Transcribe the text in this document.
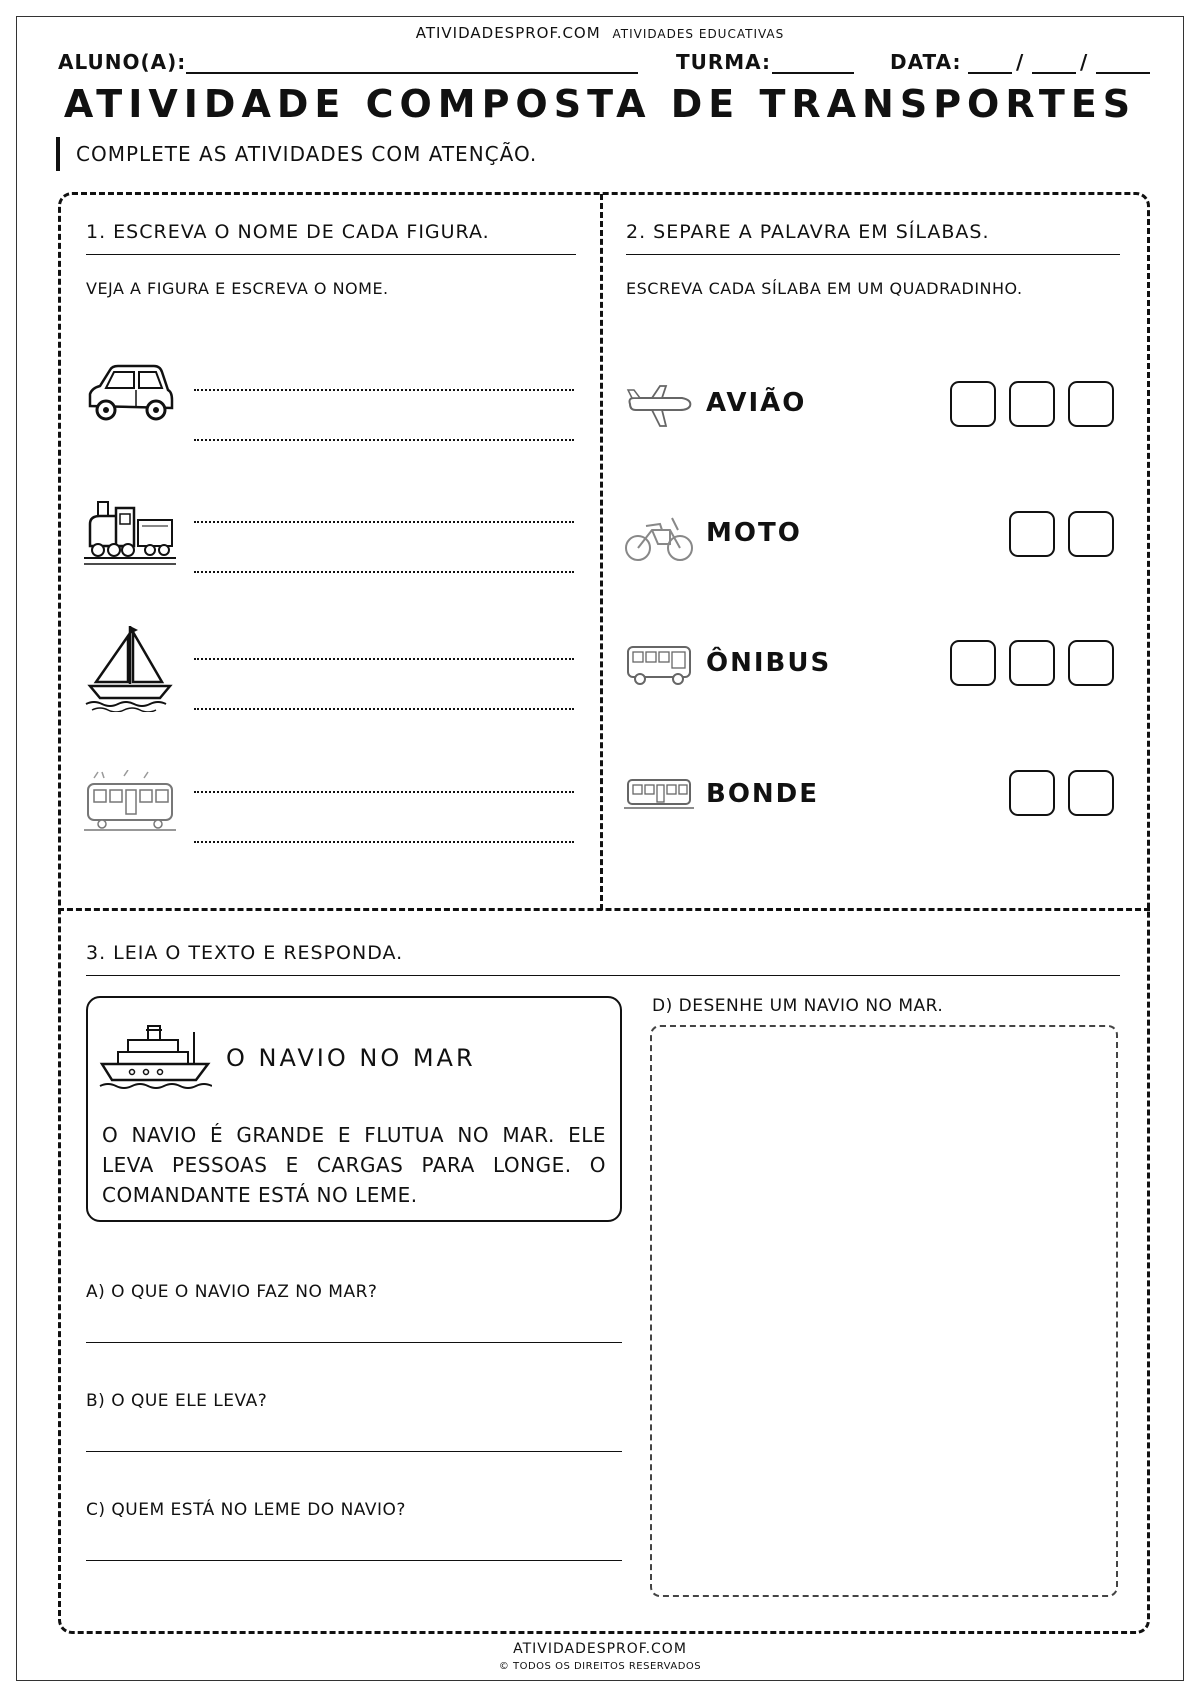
ATIVIDADESPROF.COM ATIVIDADES EDUCATIVAS
ALUNO(A):	TURMA:	DATA:	/	/
ATIVIDADE COMPOSTA DE TRANSPORTES
COMPLETE AS ATIVIDADES COM ATENÇÃO.
1. ESCREVA O NOME DE CADA FIGURA.
VEJA A FIGURA E ESCREVA O NOME.
2. SEPARE A PALAVRA EM SÍLABAS.
ESCREVA CADA SÍLABA EM UM QUADRADINHO.
AVIÃO
MOTO
ÔNIBUS
BONDE
3. LEIA O TEXTO E RESPONDA.
O NAVIO NO MAR
O NAVIO É GRANDE E FLUTUA NO MAR. ELE LEVA PESSOAS E CARGAS PARA LONGE. O COMANDANTE ESTÁ NO LEME.
A) O QUE O NAVIO FAZ NO MAR?
B) O QUE ELE LEVA?
C) QUEM ESTÁ NO LEME DO NAVIO?
D) DESENHE UM NAVIO NO MAR.
ATIVIDADESPROF.COM
© TODOS OS DIREITOS RESERVADOS
